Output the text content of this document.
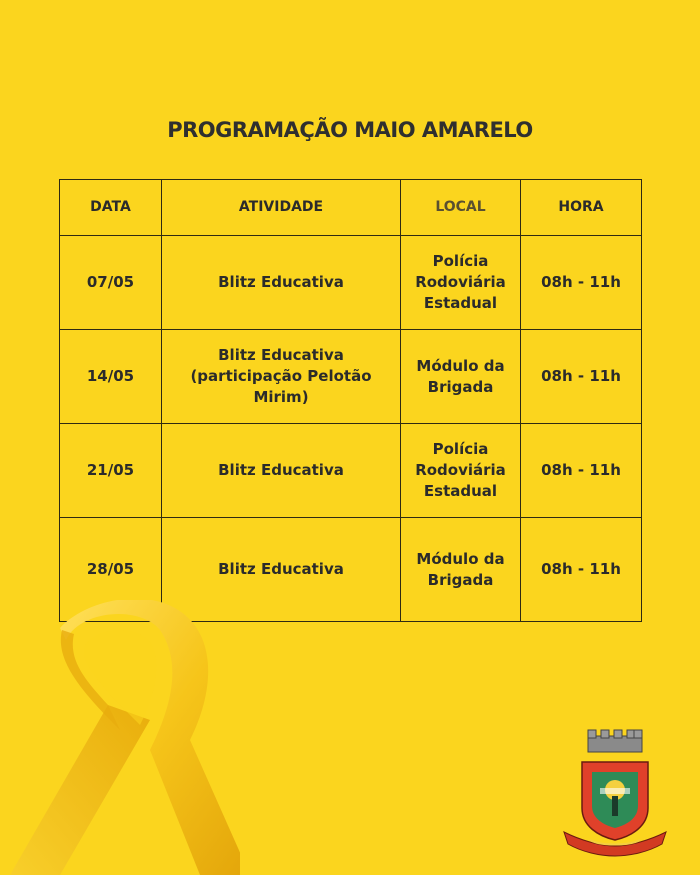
PROGRAMAÇÃO MAIO AMARELO
DATA	ATIVIDADE	LOCAL	HORA
07/05	Blitz Educativa	Polícia Rodoviária Estadual	08h - 11h
14/05	Blitz Educativa (participação Pelotão Mirim)	Módulo da Brigada	08h - 11h
21/05	Blitz Educativa	Polícia Rodoviária Estadual	08h - 11h
28/05	Blitz Educativa	Módulo da Brigada	08h - 11h
